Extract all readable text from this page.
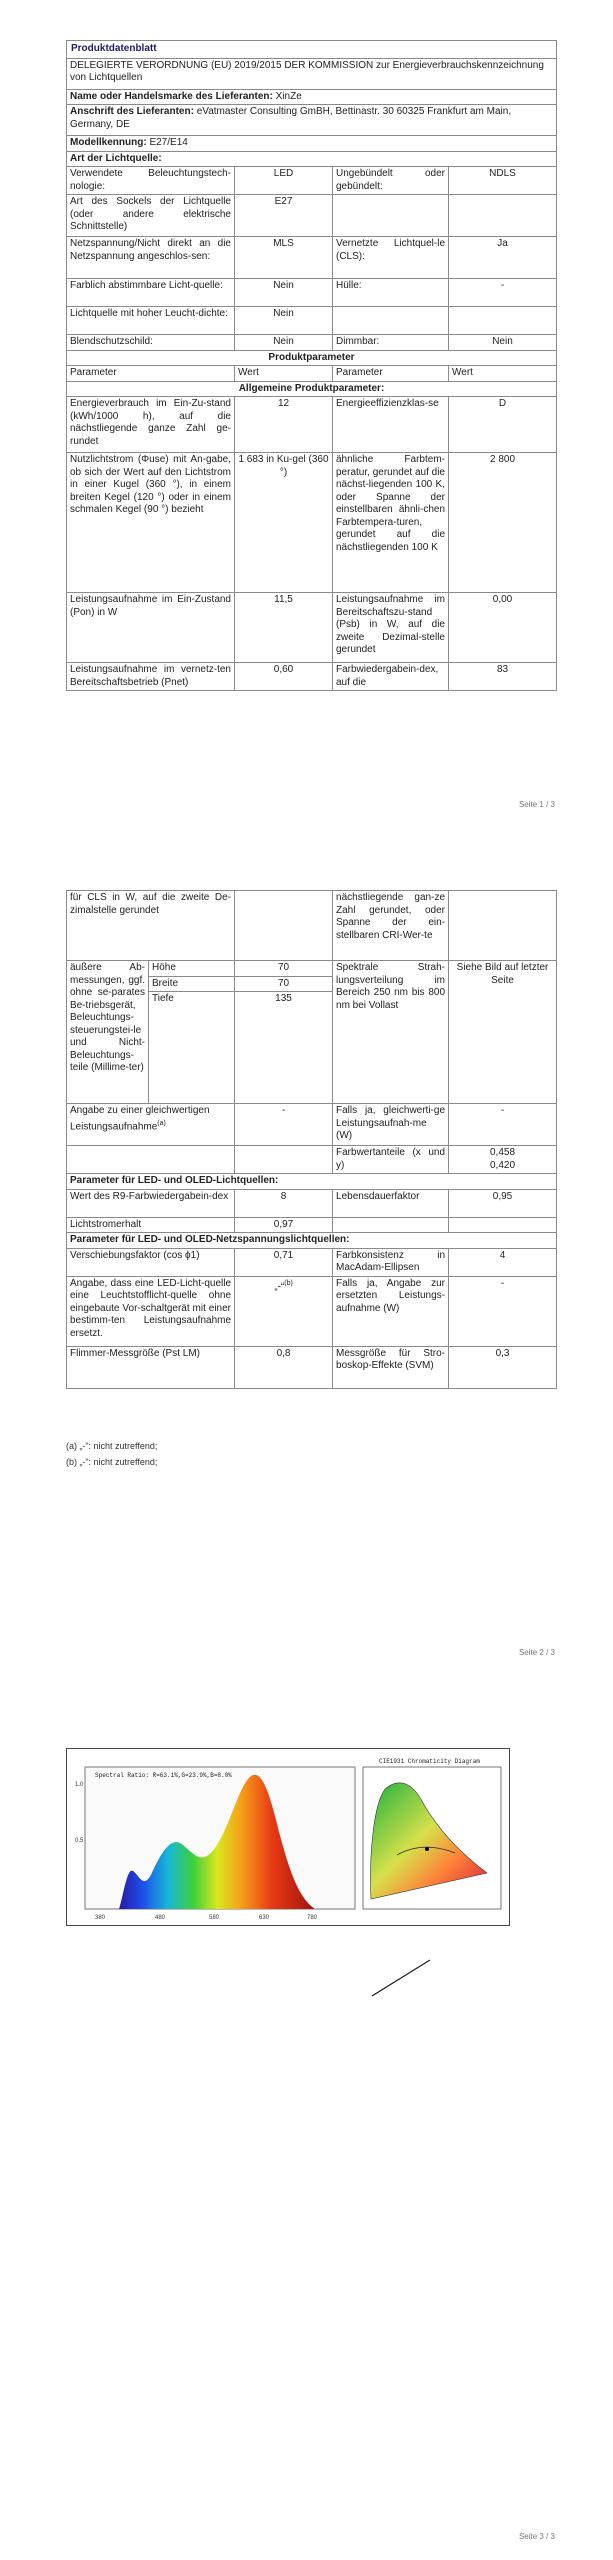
Produktdatenblatt			
DELEGIERTE VERORDNUNG (EU) 2019/2015 DER KOMMISSION zur Energieverbrauchskennzeichnung von Lichtquellen			
Name oder Handelsmarke des Lieferanten: XinZe			
Anschrift des Lieferanten: eVatmaster Consulting GmBH, Bettinastr. 30 60325 Frankfurt am Main, Germany, DE			
Modellkennung: E27/E14			
Art der Lichtquelle:			
Verwendete Beleuchtungstech-nologie:	LED	Ungebündelt oder gebündelt:	NDLS
Art des Sockels der Lichtquelle (oder andere elektrische Schnittstelle)	E27		
Netzspannung/Nicht direkt an die Netzspannung angeschlos-sen:	MLS	Vernetzte Lichtquel-le (CLS):	Ja
Farblich abstimmbare Licht-quelle:	Nein	Hülle:	-
Lichtquelle mit hoher Leucht-dichte:	Nein		
Blendschutzschild:	Nein	Dimmbar:	Nein
Produktparameter			
Parameter	Wert	Parameter	Wert
Allgemeine Produktparameter:			
Energieverbrauch im Ein-Zu-stand (kWh/1000 h), auf die nächstliegende ganze Zahl ge-rundet	12	Energieeffizienzklas-se	D
Nutzlichtstrom (Φuse) mit An-gabe, ob sich der Wert auf den Lichtstrom in einer Kugel (360 °), in einem breiten Kegel (120 °) oder in einem schmalen Kegel (90 °) bezieht	1 683 in Ku-gel (360 °)	ähnliche Farbtem-peratur, gerundet auf die nächst-liegenden 100 K, oder Spanne der einstellbaren ähnli-chen Farbtempera-turen, gerundet auf die nächstliegenden 100 K	2 800
Leistungsaufnahme im Ein-Zustand (Pon) in W	11,5	Leistungsaufnahme im Bereitschaftszu-stand (Psb) in W, auf die zweite Dezimal-stelle gerundet	0,00
Leistungsaufnahme im vernetz-ten Bereitschaftsbetrieb (Pnet)	0,60	Farbwiedergabein-dex, auf die	83
Seite 1 / 3
für CLS in W, auf die zweite De-zimalstelle gerundet			nächstliegende gan-ze Zahl gerundet, oder Spanne der ein-stellbaren CRI-Wer-te	
äußere Ab-messungen, ggf. ohne se-parates Be-triebsgerät, Beleuchtungs-steuerungstei-le und Nicht-Beleuchtungs-teile (Millime-ter)	Höhe	70	Spektrale Strah-lungsverteilung im Bereich 250 nm bis 800 nm bei Vollast	Siehe Bild auf letzter Seite
	Breite	70		
	Tiefe	135		
Angabe zu einer gleichwertigen Leistungsaufnahme$^{(a)}$		-	Falls ja, gleichwerti-ge Leistungsaufnah-me (W)	-
			Farbwertanteile (x und y)	0,458
0,420

Parameter für LED- und OLED-Lichtquellen:				
Wert des R9-Farbwiedergabein-dex		8	Lebensdauerfaktor	0,95
Lichtstromerhalt		0,97		
Parameter für LED- und OLED-Netzspannungslichtquellen:				
Verschiebungsfaktor (cos ϕ1)		0,71	Farbkonsistenz in MacAdam-Ellipsen	4
Angabe, dass eine LED-Licht-quelle eine Leuchtstofflicht-quelle ohne eingebaute Vor-schaltgerät mit einer bestimm-ten Leistungsaufnahme ersetzt.		„-“$^{(b)}$	Falls ja, Angabe zur ersetzten Leistungs-aufnahme (W)	-
Flimmer-Messgröße (Pst LM)		0,8	Messgröße für Stro-boskop-Effekte (SVM)	0,3
(a) „-“: nicht zutreffend;
(b) „-“: nicht zutreffend;
Seite 2 / 3
Spectral Ratio: R=63.1%,G=23.9%,B=8.0%
1.0
0.5
380	480	580	630	780
CIE1931 Chromaticity Diagram
Seite 3 / 3
